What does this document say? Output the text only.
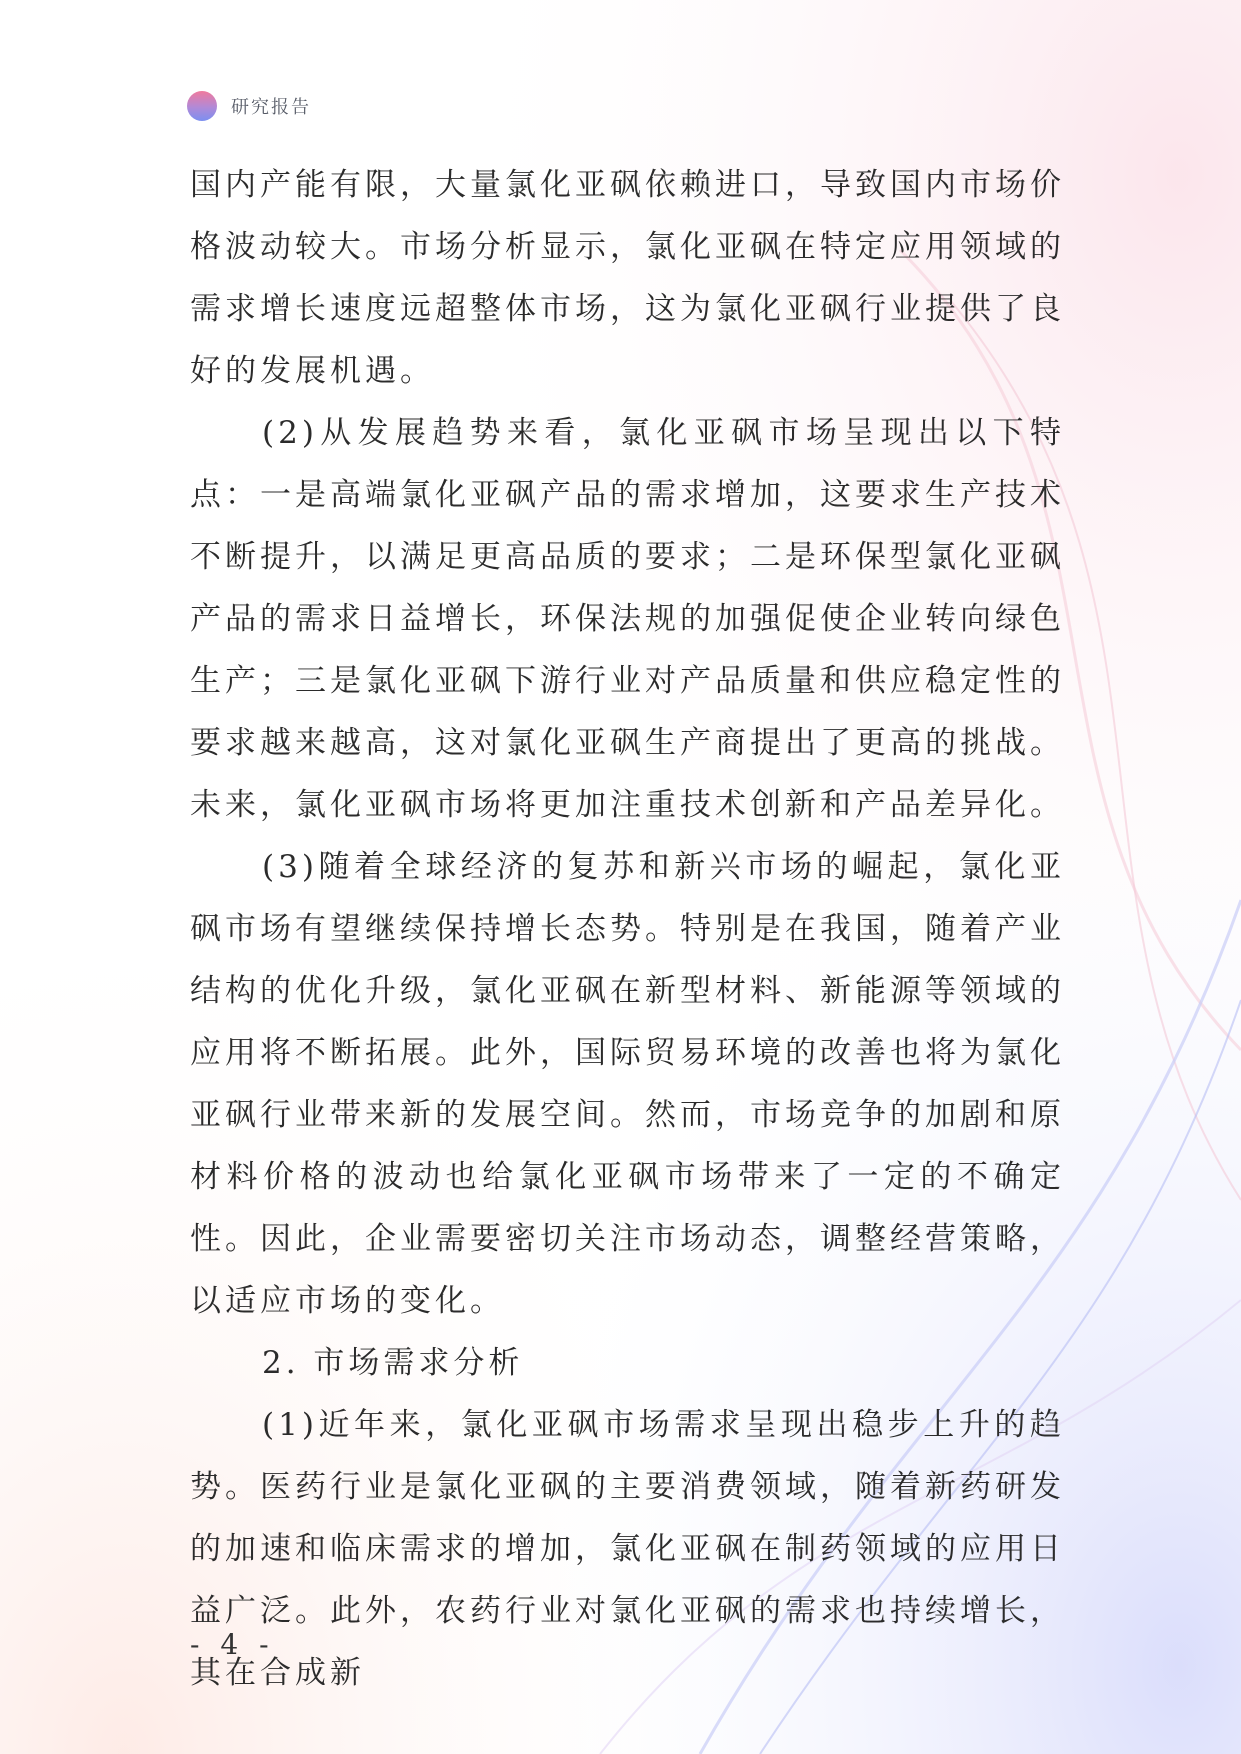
研究报告

国内产能有限，大量氯化亚砜依赖进口，导致国内市场价格波动较大。市场分析显示，氯化亚砜在特定应用领域的需求增长速度远超整体市场，这为氯化亚砜行业提供了良好的发展机遇。

(2)从发展趋势来看，氯化亚砜市场呈现出以下特点：一是高端氯化亚砜产品的需求增加，这要求生产技术不断提升，以满足更高品质的要求；二是环保型氯化亚砜产品的需求日益增长，环保法规的加强促使企业转向绿色生产；三是氯化亚砜下游行业对产品质量和供应稳定性的要求越来越高，这对氯化亚砜生产商提出了更高的挑战。未来，氯化亚砜市场将更加注重技术创新和产品差异化。

(3)随着全球经济的复苏和新兴市场的崛起，氯化亚砜市场有望继续保持增长态势。特别是在我国，随着产业结构的优化升级，氯化亚砜在新型材料、新能源等领域的应用将不断拓展。此外，国际贸易环境的改善也将为氯化亚砜行业带来新的发展空间。然而，市场竞争的加剧和原材料价格的波动也给氯化亚砜市场带来了一定的不确定性。因此，企业需要密切关注市场动态，调整经营策略，以适应市场的变化。

2. 市场需求分析

(1)近年来，氯化亚砜市场需求呈现出稳步上升的趋势。医药行业是氯化亚砜的主要消费领域，随着新药研发的加速和临床需求的增加，氯化亚砜在制药领域的应用日益广泛。此外，农药行业对氯化亚砜的需求也持续增长，其在合成新

- 4 -
